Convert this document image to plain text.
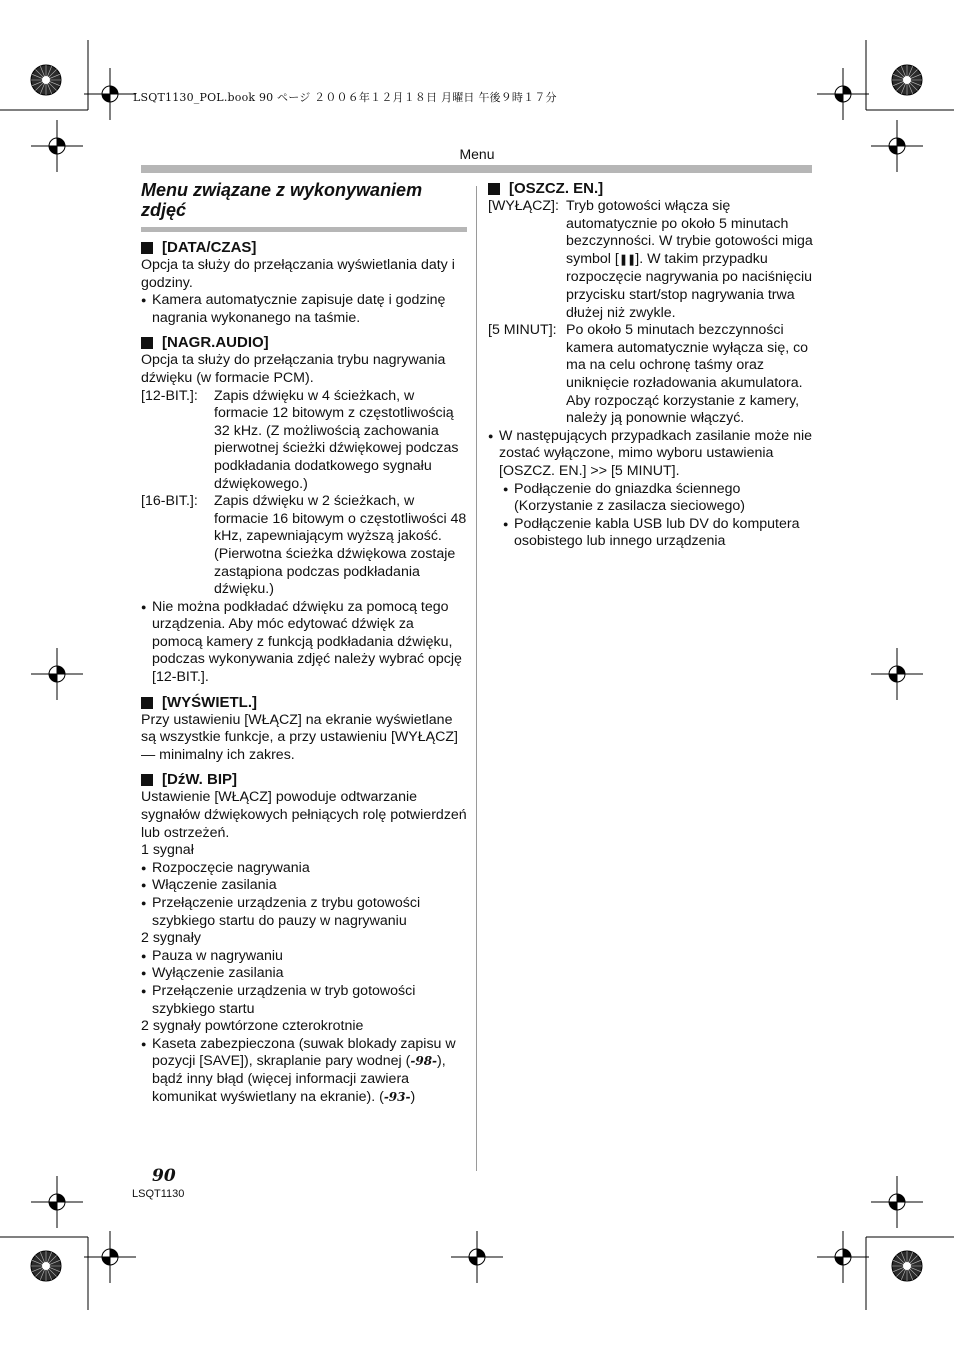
LSQT1130_POL.book 90 ページ ２００６年１２月１８日 月曜日 午後９時１７分
Menu
Menu związane z wykonywaniem zdjęć
[DATA/CZAS]

Opcja ta służy do przełączania wyświetlania daty i godziny.

● Kamera automatycznie zapisuje datę i godzinę nagrania wykonanego na taśmie.

[NAGR.AUDIO]

Opcja ta służy do przełączania trybu nagrywania dźwięku (w formacie PCM).

[12-BIT.]:	Zapis dźwięku w 4 ścieżkach, w formacie 12 bitowym z częstotliwością 32 kHz. (Z możliwością zachowania pierwotnej ścieżki dźwiękowej podczas podkładania dodatkowego sygnału dźwiękowego.)
[16-BIT.]:	Zapis dźwięku w 2 ścieżkach, w formacie 16 bitowym o częstotliwości 48 kHz, zapewniającym wyższą jakość. (Pierwotna ścieżka dźwiękowa zostaje zastąpiona podczas podkładania dźwięku.)

● Nie można podkładać dźwięku za pomocą tego urządzenia. Aby móc edytować dźwięk za pomocą kamery z funkcją podkładania dźwięku, podczas wykonywania zdjęć należy wybrać opcję [12-BIT.].

[WYŚWIETL.]

Przy ustawieniu [WŁĄCZ] na ekranie wyświetlane są wszystkie funkcje, a przy ustawieniu [WYŁĄCZ] — minimalny ich zakres.

[DźW. BIP]

Ustawienie [WŁĄCZ] powoduje odtwarzanie sygnałów dźwiękowych pełniących rolę potwierdzeń lub ostrzeżeń.

1 sygnał

● Rozpoczęcie nagrywania

● Włączenie zasilania

● Przełączenie urządzenia z trybu gotowości szybkiego startu do pauzy w nagrywaniu

2 sygnały

● Pauza w nagrywaniu

● Wyłączenie zasilania

● Przełączenie urządzenia w tryb gotowości szybkiego startu

2 sygnały powtórzone czterokrotnie

● Kaseta zabezpieczona (suwak blokady zapisu w pozycji [SAVE]), skraplanie pary wodnej (-98-), bądź inny błąd (więcej informacji zawiera komunikat wyświetlany na ekranie). (-93-)

[OSZCZ. EN.]
[WYŁĄCZ]: Tryb gotowości włącza się automatycznie po około 5 minutach bezczynności. W trybie gotowości miga symbol [❚❚]. W takim przypadku rozpoczęcie nagrywania po naciśnięciu przycisku start/stop nagrywania trwa dłużej niż zwykle.
[5 MINUT]: Po około 5 minutach bezczynności kamera automatycznie wyłącza się, co ma na celu ochronę taśmy oraz uniknięcie rozładowania akumulatora. Aby rozpocząć korzystanie z kamery, należy ją ponownie włączyć.

● W następujących przypadkach zasilanie może nie zostać wyłączone, mimo wyboru ustawienia [OSZCZ. EN.] >> [5 MINUT].

● Podłączenie do gniazdka ściennego (Korzystanie z zasilacza sieciowego)

● Podłączenie kabla USB lub DV do komputera osobistego lub innego urządzenia

90
LSQT1130
